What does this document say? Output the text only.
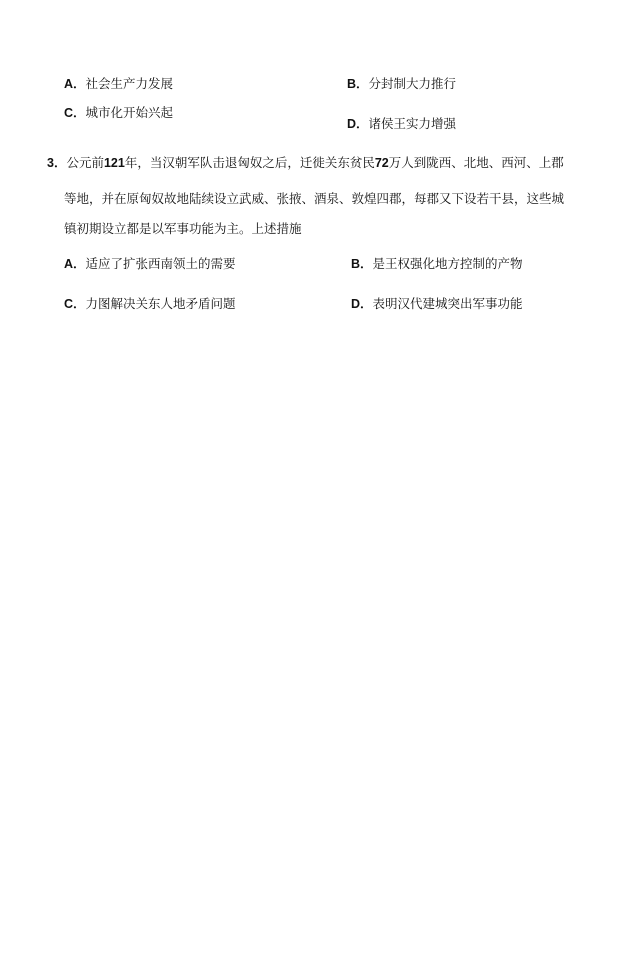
A．社会生产力发展	B．分封制大力推行
C．城市化开始兴起
D．诸侯王实力增强
3．公元前121年，当汉朝军队击退匈奴之后，迁徙关东贫民72万人到陇西、北地、西河、上郡
等地，并在原匈奴故地陆续设立武威、张掖、酒泉、敦煌四郡，每郡又下设若干县，这些城
镇初期设立都是以军事功能为主。上述措施
A．适应了扩张西南领土的需要	B．是王权强化地方控制的产物
C．力图解决关东人地矛盾问题	D．表明汉代建城突出军事功能
